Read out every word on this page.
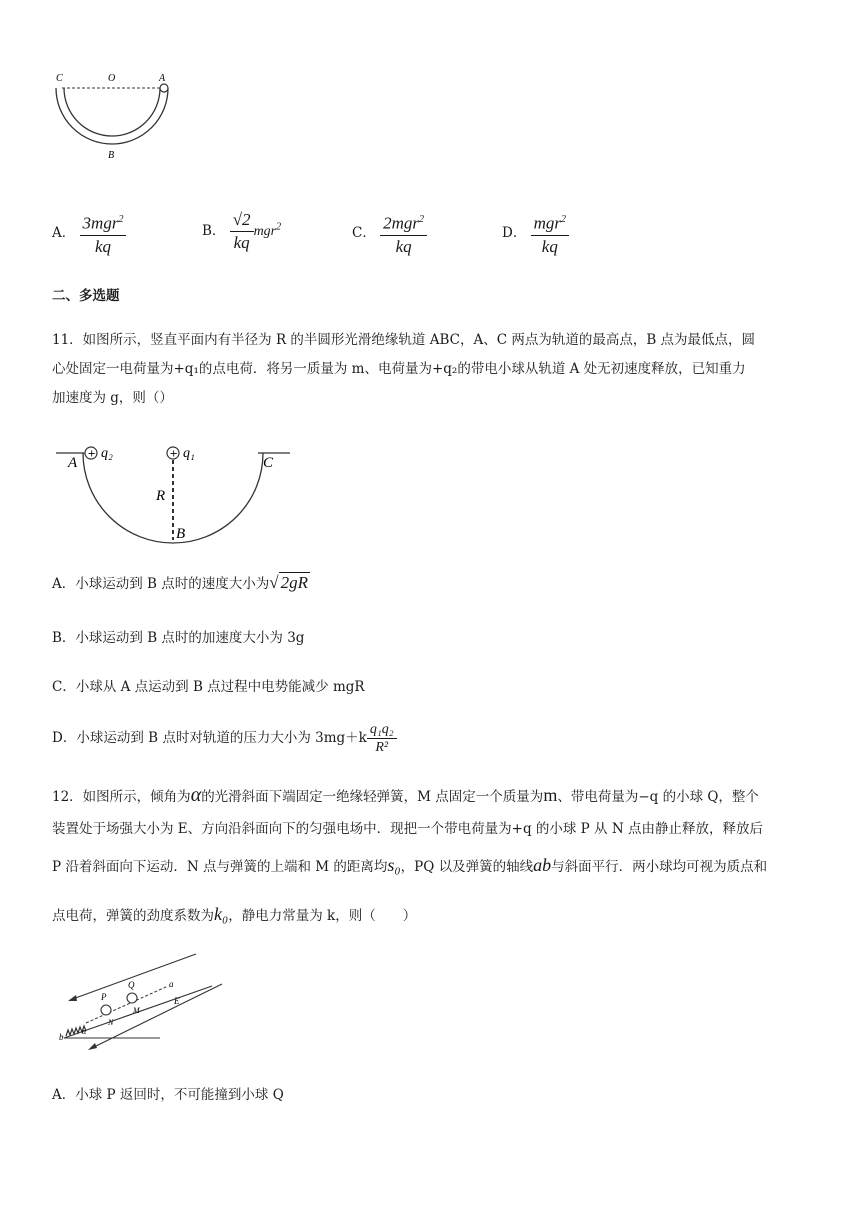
C	O	A
B
A． $\frac{3mgr^2}{kq}$	B． $\frac{√2}{kq} mgr^2$	C． $\frac{2mgr^2}{kq}$	D． $\frac{mgr^2}{kq}$
二、多选题
11．如图所示，竖直平面内有半径为 R 的半圆形光滑绝缘轨道 ABC，A、C 两点为轨道的最高点，B 点为最低点，圆
心处固定一电荷量为+q₁的点电荷．将另一质量为 m、电荷量为+q₂的带电小球从轨道 A 处无初速度释放，已知重力
加速度为 g，则（）
+	+
A
q₂	q₁
C
R
B
A．小球运动到 B 点时的速度大小为√ 2gR
B．小球运动到 B 点时的加速度大小为 3g
C．小球从 A 点运动到 B 点过程中电势能减少 mgR
D．小球运动到 B 点时对轨道的压力大小为 $3mg+k \frac{\text{q₁q₂}}{\text{R²}}$
12．如图所示，倾角为α的光滑斜面下端固定一绝缘轻弹簧，M 点固定一个质量为m、带电荷量为−q 的小球 Q，整个
装置处于场强大小为 E、方向沿斜面向下的匀强电场中．现把一个带电荷量为+q 的小球 P 从 N 点由静止释放，释放后
P 沿着斜面向下运动．N 点与弹簧的上端和 M 的距离均s₀，PQ 以及弹簧的轴线ab与斜面平行．两小球均可视为质点和
点电荷，弹簧的劲度系数为k₀，静电力常量为 k，则（　　）
P
Q	a
E
N
M
b
α
A．小球 P 返回时，不可能撞到小球 Q
